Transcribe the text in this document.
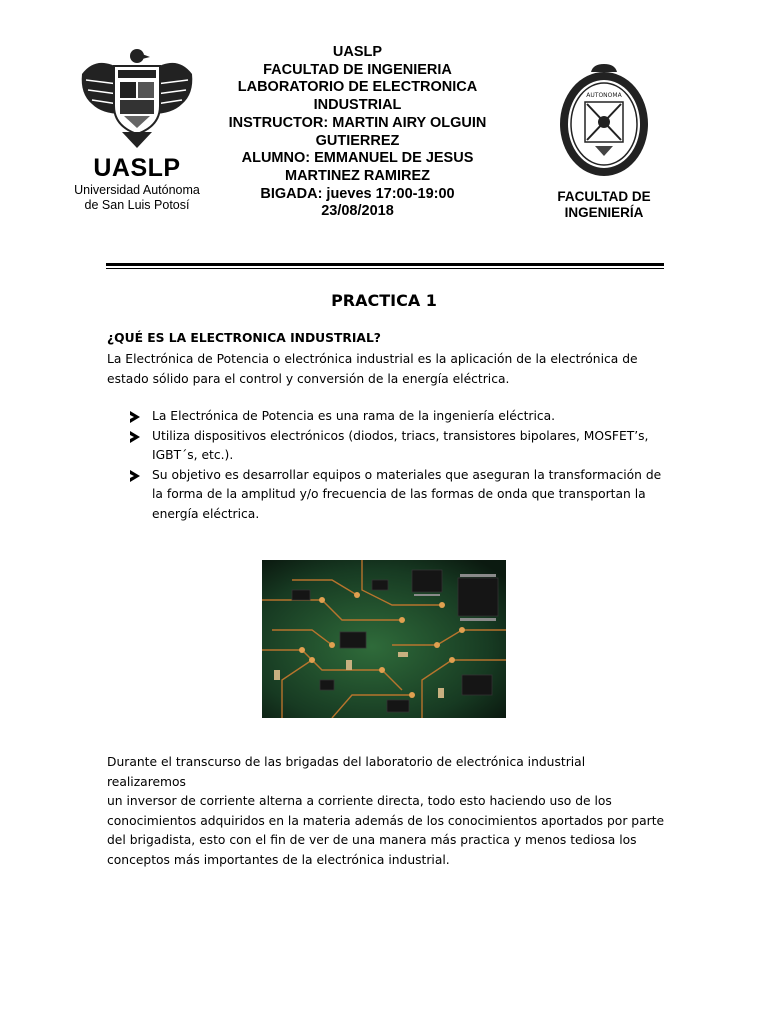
UASLP
Universidad Autónoma
de San Luis Potosí
UASLP
FACULTAD DE INGENIERIA
LABORATORIO DE ELECTRONICA
INDUSTRIAL
INSTRUCTOR: MARTIN AIRY OLGUIN
GUTIERREZ
ALUMNO: EMMANUEL DE JESUS
MARTINEZ RAMIREZ
BIGADA: jueves 17:00-19:00
23/08/2018
AUTONOMA
FACULTAD DE
INGENIERÍA
PRACTICA 1
¿QUÉ ES LA ELECTRONICA INDUSTRIAL?
La Electrónica de Potencia o electrónica industrial es la aplicación de la electrónica de
estado sólido para el control y conversión de la energía eléctrica.
La Electrónica de Potencia es una rama de la ingeniería eléctrica.
Utiliza dispositivos electrónicos (diodos, triacs, transistores bipolares, MOSFET’s,
IGBT´s, etc.).
Su objetivo es desarrollar equipos o materiales que aseguran la transformación de
la forma de la amplitud y/o frecuencia de las formas de onda que transportan la
energía eléctrica.
Durante el transcurso de las brigadas del laboratorio de electrónica industrial realizaremos
un inversor de corriente alterna a corriente directa, todo esto haciendo uso de los
conocimientos adquiridos en la materia además de los conocimientos aportados por parte
del brigadista, esto con el fin de ver de una manera más practica y menos tediosa los
conceptos más importantes de la electrónica industrial.
